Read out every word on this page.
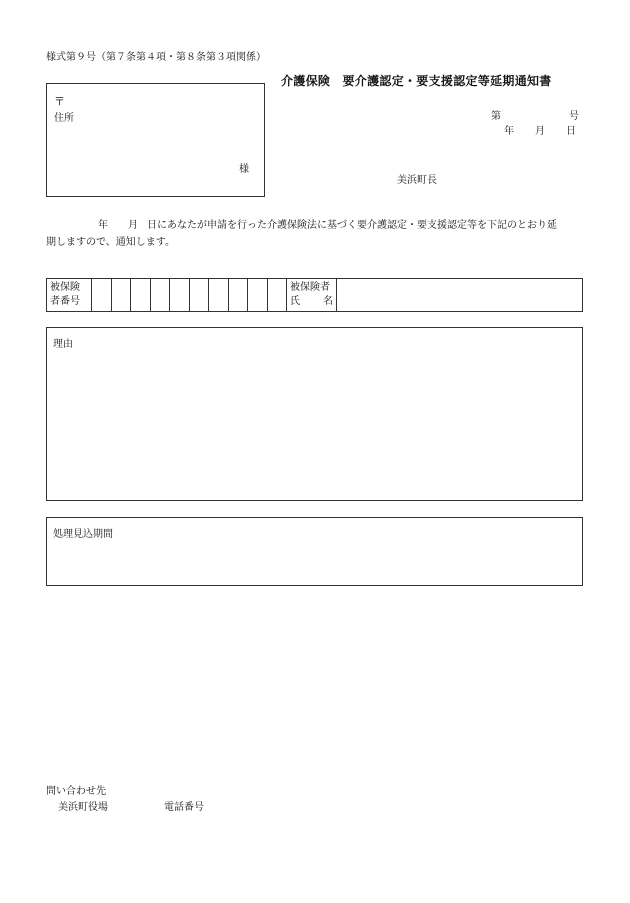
様式第９号（第７条第４項・第８条第３項関係）
介護保険　要介護認定・要支援認定等延期通知書
〒
住所
様
第	号
年 月 日
美浜町長
年 月 日にあなたが申請を行った介護保険法に基づく要介護認定・要支援認定等を下記のとおり延
期しますので、通知します。
被保険
者番号

被保険者
氏 名

理由
処理見込期間
問い合わせ先
美浜町役場	電話番号
